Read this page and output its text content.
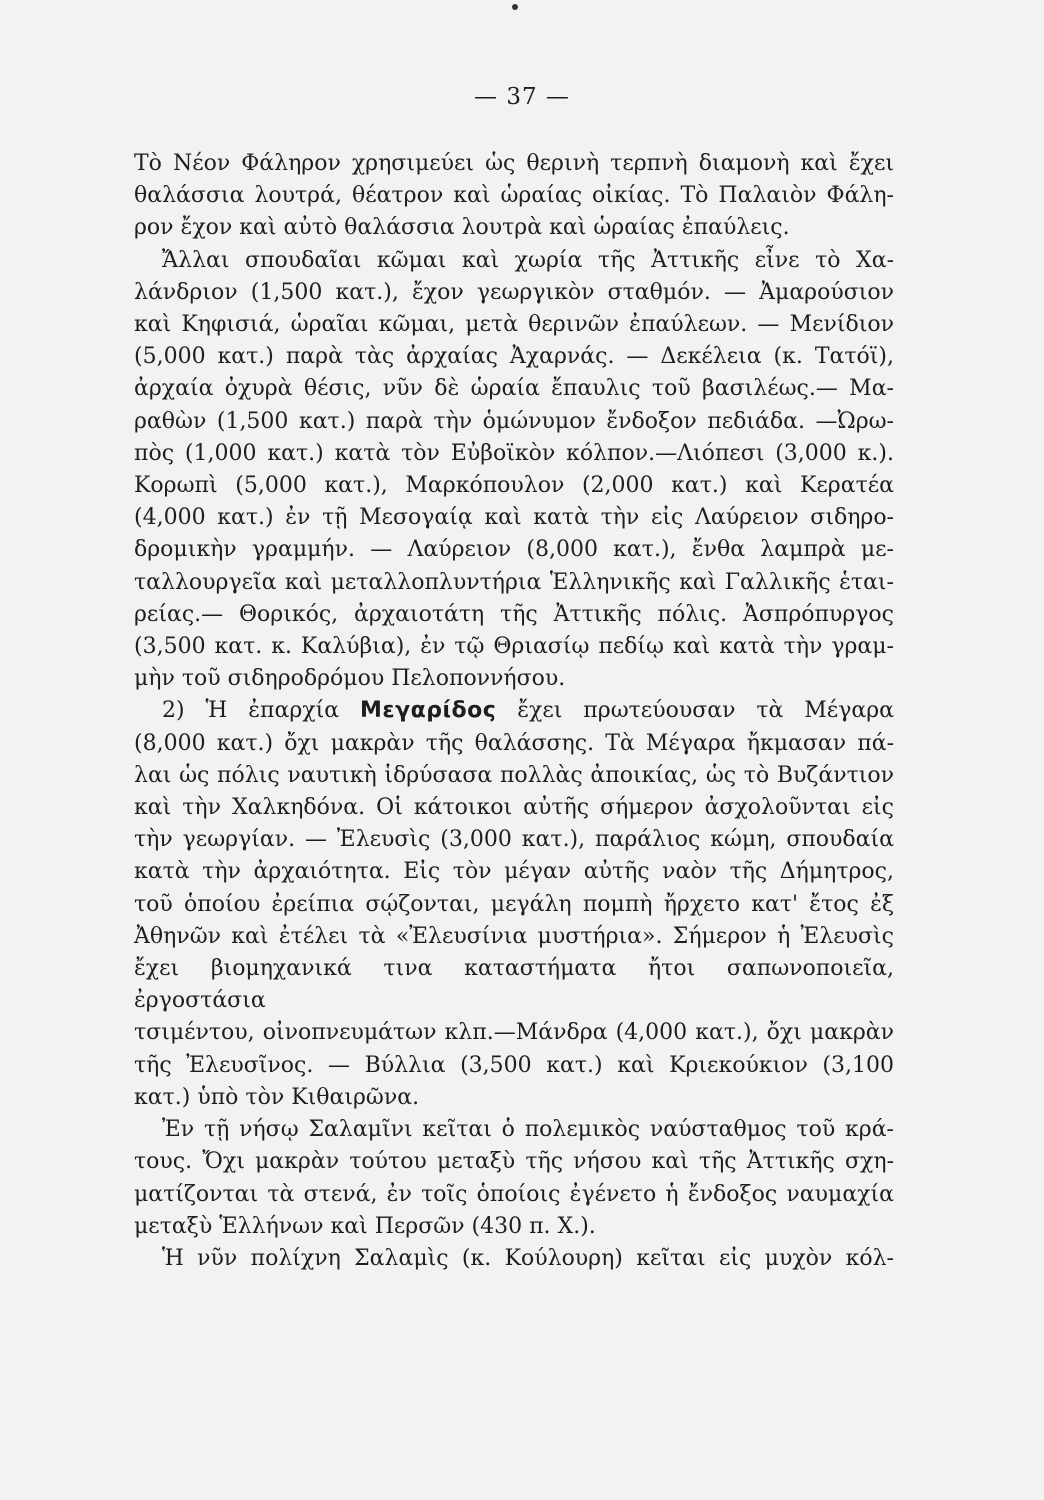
— 37 —

Τὸ Νέον Φάληρον χρησιμεύει ὡς θερινὴ τερπνὴ διαμονὴ καὶ ἔχει

θαλάσσια λουτρά, θέατρον καὶ ὡραίας οἰκίας. Τὸ Παλαιὸν Φάλη-

ρον ἔχον καὶ αὐτὸ θαλάσσια λουτρὰ καὶ ὡραίας ἐπαύλεις.

Ἄλλαι σπουδαῖαι κῶμαι καὶ χωρία τῆς Ἀττικῆς εἶνε τὸ Χα-

λάνδριον (1,500 κατ.), ἔχον γεωργικὸν σταθμόν. — Ἀμαρούσιον

καὶ Κηφισιά, ὡραῖαι κῶμαι, μετὰ θερινῶν ἐπαύλεων. — Μενίδιον

(5,000 κατ.) παρὰ τὰς ἀρχαίας Ἀχαρνάς. — Δεκέλεια (κ. Τατόϊ),

ἀρχαία ὀχυρὰ θέσις, νῦν δὲ ὡραία ἔπαυλις τοῦ βασιλέως.— Μα-

ραθὼν (1,500 κατ.) παρὰ τὴν ὁμώνυμον ἔνδοξον πεδιάδα. —Ὠρω-

πὸς (1,000 κατ.) κατὰ τὸν Εὐβοϊκὸν κόλπον.—Λιόπεσι (3,000 κ.).

Κορωπὶ (5,000 κατ.), Μαρκόπουλον (2,000 κατ.) καὶ Κερατέα

(4,000 κατ.) ἐν τῇ Μεσογαίᾳ καὶ κατὰ τὴν εἰς Λαύρειον σιδηρο-

δρομικὴν γραμμήν. — Λαύρειον (8,000 κατ.), ἔνθα λαμπρὰ με-

ταλλουργεῖα καὶ μεταλλοπλυντήρια Ἑλληνικῆς καὶ Γαλλικῆς ἑται-

ρείας.— Θορικός, ἀρχαιοτάτη τῆς Ἀττικῆς πόλις. Ἀσπρόπυργος

(3,500 κατ. κ. Καλύβια), ἐν τῷ Θριασίῳ πεδίῳ καὶ κατὰ τὴν γραμ-

μὴν τοῦ σιδηροδρόμου Πελοποννήσου.

2) Ἡ ἐπαρχία Μεγαρίδος ἔχει πρωτεύουσαν τὰ Μέγαρα

(8,000 κατ.) ὄχι μακρὰν τῆς θαλάσσης. Τὰ Μέγαρα ἤκμασαν πά-

λαι ὡς πόλις ναυτικὴ ἱδρύσασα πολλὰς ἀποικίας, ὡς τὸ Βυζάντιον

καὶ τὴν Χαλκηδόνα. Οἱ κάτοικοι αὐτῆς σήμερον ἀσχολοῦνται εἰς

τὴν γεωργίαν. — Ἐλευσὶς (3,000 κατ.), παράλιος κώμη, σπουδαία

κατὰ τὴν ἀρχαιότητα. Εἰς τὸν μέγαν αὐτῆς ναὸν τῆς Δήμητρος,

τοῦ ὁποίου ἐρείπια σῴζονται, μεγάλη πομπὴ ἤρχετο κατ' ἔτος ἐξ

Ἀθηνῶν καὶ ἐτέλει τὰ «Ἐλευσίνια μυστήρια». Σήμερον ἡ Ἐλευσὶς

ἔχει βιομηχανικά τινα καταστήματα ἤτοι σαπωνοποιεῖα, ἐργοστάσια

τσιμέντου, οἰνοπνευμάτων κλπ.—Μάνδρα (4,000 κατ.), ὄχι μακρὰν

τῆς Ἐλευσῖνος. — Βύλλια (3,500 κατ.) καὶ Κριεκούκιον (3,100

κατ.) ὑπὸ τὸν Κιθαιρῶνα.

Ἐν τῇ νήσῳ Σαλαμῖνι κεῖται ὁ πολεμικὸς ναύσταθμος τοῦ κρά-

τους. Ὄχι μακρὰν τούτου μεταξὺ τῆς νήσου καὶ τῆς Ἀττικῆς σχη-

ματίζονται τὰ στενά, ἐν τοῖς ὁποίοις ἐγένετο ἡ ἔνδοξος ναυμαχία

μεταξὺ Ἑλλήνων καὶ Περσῶν (430 π. Χ.).

Ἡ νῦν πολίχνη Σαλαμὶς (κ. Κούλουρη) κεῖται εἰς μυχὸν κόλ-
